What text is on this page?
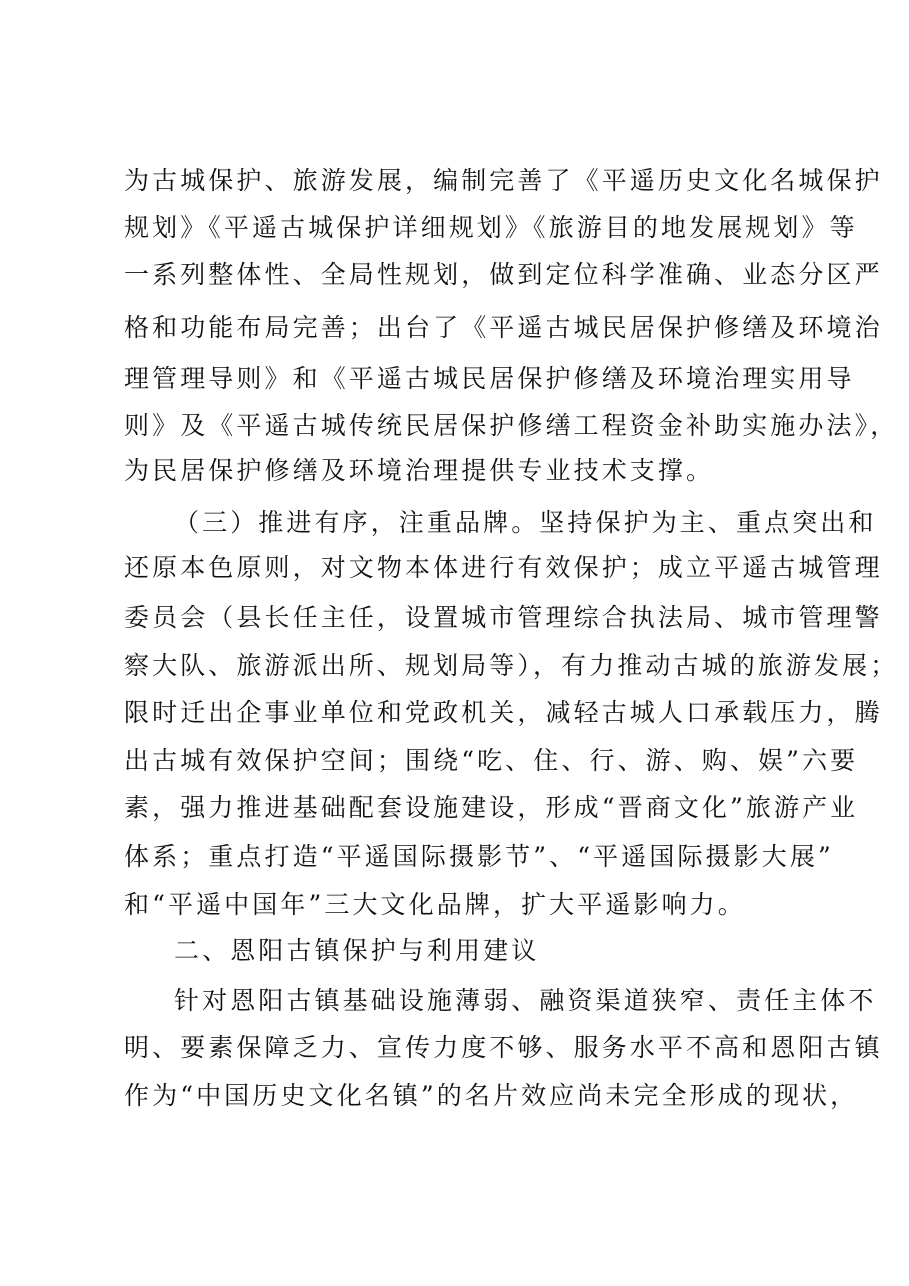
为古城保护、旅游发展，编制完善了《平遥历史文化名城保护
规划》《平遥古城保护详细规划》《旅游目的地发展规划》等
一系列整体性、全局性规划，做到定位科学准确、业态分区严
格和功能布局完善；出台了《平遥古城民居保护修缮及环境治
理管理导则》和《平遥古城民居保护修缮及环境治理实用导
则》及《平遥古城传统民居保护修缮工程资金补助实施办法》，
为民居保护修缮及环境治理提供专业技术支撑。
（三）推进有序，注重品牌。坚持保护为主、重点突出和
还原本色原则，对文物本体进行有效保护；成立平遥古城管理
委员会（县长任主任，设置城市管理综合执法局、城市管理警
察大队、旅游派出所、规划局等），有力推动古城的旅游发展；
限时迁出企事业单位和党政机关，减轻古城人口承载压力，腾
出古城有效保护空间；围绕“吃、住、行、游、购、娱”六要
素，强力推进基础配套设施建设，形成“晋商文化”旅游产业
体系；重点打造“平遥国际摄影节”、“平遥国际摄影大展”
和“平遥中国年”三大文化品牌，扩大平遥影响力。
二、恩阳古镇保护与利用建议
针对恩阳古镇基础设施薄弱、融资渠道狭窄、责任主体不
明、要素保障乏力、宣传力度不够、服务水平不高和恩阳古镇
作为“中国历史文化名镇”的名片效应尚未完全形成的现状，
